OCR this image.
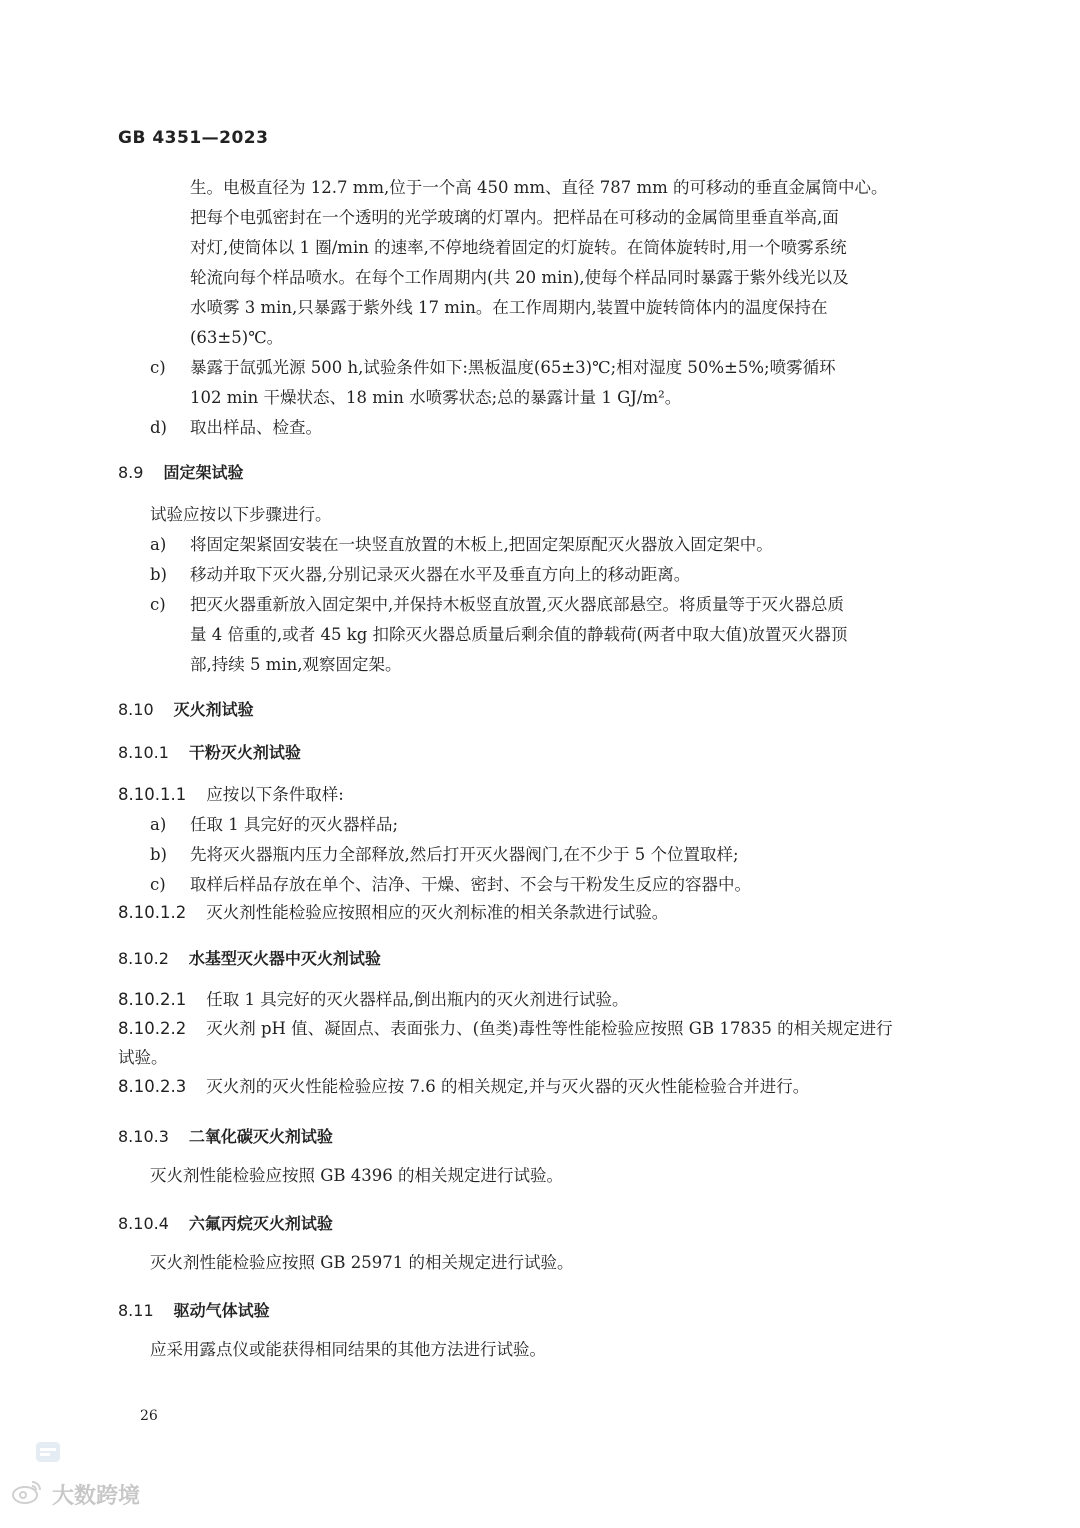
GB 4351—2023
生。电极直径为 12.7 mm,位于一个高 450 mm、直径 787 mm 的可移动的垂直金属筒中心。
把每个电弧密封在一个透明的光学玻璃的灯罩内。把样品在可移动的金属筒里垂直举高,面
对灯,使筒体以 1 圈/min 的速率,不停地绕着固定的灯旋转。在筒体旋转时,用一个喷雾系统
轮流向每个样品喷水。在每个工作周期内(共 20 min),使每个样品同时暴露于紫外线光以及
水喷雾 3 min,只暴露于紫外线 17 min。在工作周期内,装置中旋转筒体内的温度保持在
(63±5)℃。
c) 暴露于氙弧光源 500 h,试验条件如下:黑板温度(65±3)℃;相对湿度 50%±5%;喷雾循环
102 min 干燥状态、18 min 水喷雾状态;总的暴露计量 1 GJ/m²。
d) 取出样品、检查。
8.9 固定架试验
试验应按以下步骤进行。
a) 将固定架紧固安装在一块竖直放置的木板上,把固定架原配灭火器放入固定架中。
b) 移动并取下灭火器,分别记录灭火器在水平及垂直方向上的移动距离。
c) 把灭火器重新放入固定架中,并保持木板竖直放置,灭火器底部悬空。将质量等于灭火器总质
量 4 倍重的,或者 45 kg 扣除灭火器总质量后剩余值的静载荷(两者中取大值)放置灭火器顶
部,持续 5 min,观察固定架。
8.10 灭火剂试验
8.10.1 干粉灭火剂试验
8.10.1.1 应按以下条件取样:
a) 任取 1 具完好的灭火器样品;
b) 先将灭火器瓶内压力全部释放,然后打开灭火器阀门,在不少于 5 个位置取样;
c) 取样后样品存放在单个、洁净、干燥、密封、不会与干粉发生反应的容器中。
8.10.1.2 灭火剂性能检验应按照相应的灭火剂标准的相关条款进行试验。
8.10.2 水基型灭火器中灭火剂试验
8.10.2.1 任取 1 具完好的灭火器样品,倒出瓶内的灭火剂进行试验。
8.10.2.2 灭火剂 pH 值、凝固点、表面张力、(鱼类)毒性等性能检验应按照 GB 17835 的相关规定进行
试验。
8.10.2.3 灭火剂的灭火性能检验应按 7.6 的相关规定,并与灭火器的灭火性能检验合并进行。
8.10.3 二氧化碳灭火剂试验
灭火剂性能检验应按照 GB 4396 的相关规定进行试验。
8.10.4 六氟丙烷灭火剂试验
灭火剂性能检验应按照 GB 25971 的相关规定进行试验。
8.11 驱动气体试验
应采用露点仪或能获得相同结果的其他方法进行试验。
26
大数跨境
